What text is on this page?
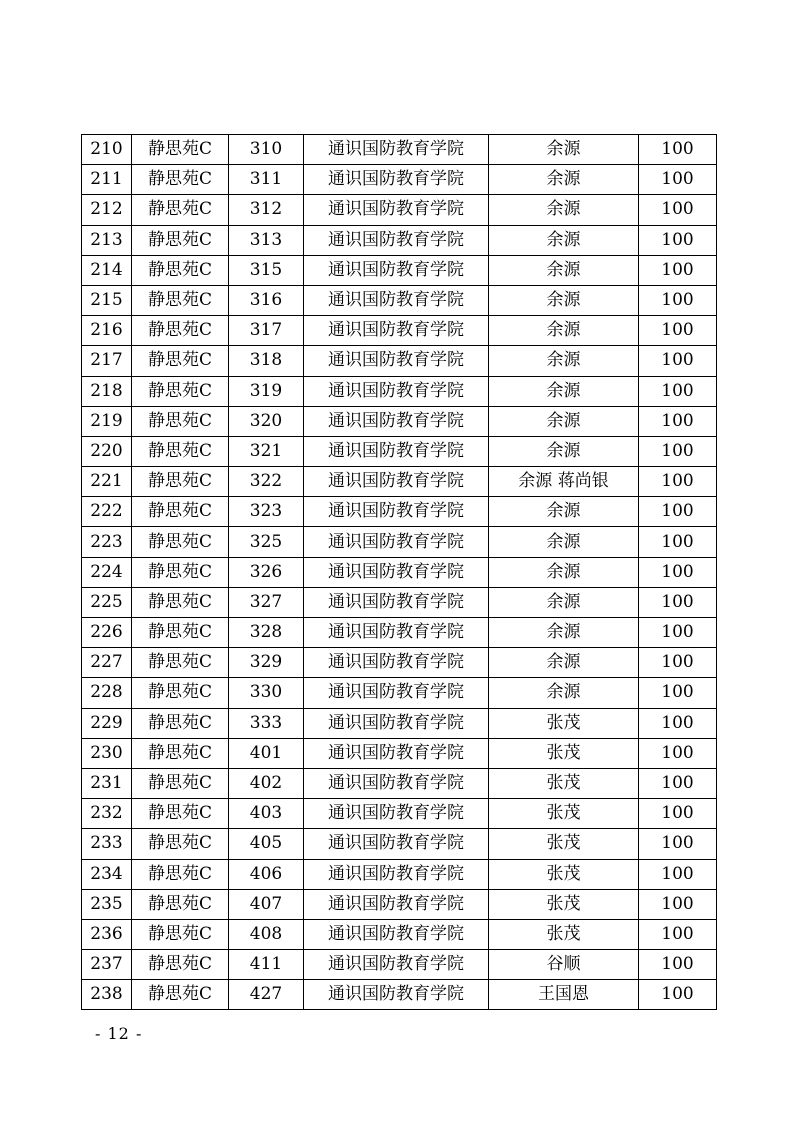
210	静思苑C	310	通识国防教育学院	余源	100
211	静思苑C	311	通识国防教育学院	余源	100
212	静思苑C	312	通识国防教育学院	余源	100
213	静思苑C	313	通识国防教育学院	余源	100
214	静思苑C	315	通识国防教育学院	余源	100
215	静思苑C	316	通识国防教育学院	余源	100
216	静思苑C	317	通识国防教育学院	余源	100
217	静思苑C	318	通识国防教育学院	余源	100
218	静思苑C	319	通识国防教育学院	余源	100
219	静思苑C	320	通识国防教育学院	余源	100
220	静思苑C	321	通识国防教育学院	余源	100
221	静思苑C	322	通识国防教育学院	余源 蒋尚银	100
222	静思苑C	323	通识国防教育学院	余源	100
223	静思苑C	325	通识国防教育学院	余源	100
224	静思苑C	326	通识国防教育学院	余源	100
225	静思苑C	327	通识国防教育学院	余源	100
226	静思苑C	328	通识国防教育学院	余源	100
227	静思苑C	329	通识国防教育学院	余源	100
228	静思苑C	330	通识国防教育学院	余源	100
229	静思苑C	333	通识国防教育学院	张茂	100
230	静思苑C	401	通识国防教育学院	张茂	100
231	静思苑C	402	通识国防教育学院	张茂	100
232	静思苑C	403	通识国防教育学院	张茂	100
233	静思苑C	405	通识国防教育学院	张茂	100
234	静思苑C	406	通识国防教育学院	张茂	100
235	静思苑C	407	通识国防教育学院	张茂	100
236	静思苑C	408	通识国防教育学院	张茂	100
237	静思苑C	411	通识国防教育学院	谷顺	100
238	静思苑C	427	通识国防教育学院	王国恩	100
- 12 -
